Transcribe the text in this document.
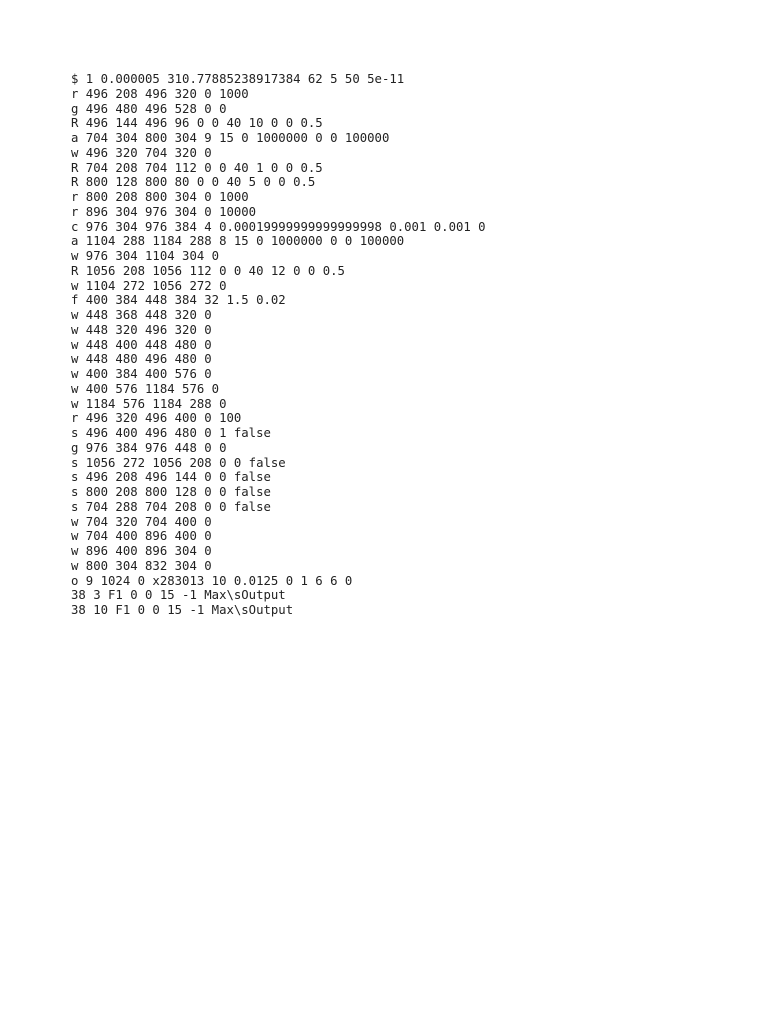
$ 1 0.000005 310.77885238917384 62 5 50 5e-11
r 496 208 496 320 0 1000
g 496 480 496 528 0 0
R 496 144 496 96 0 0 40 10 0 0 0.5
a 704 304 800 304 9 15 0 1000000 0 0 100000
w 496 320 704 320 0
R 704 208 704 112 0 0 40 1 0 0 0.5
R 800 128 800 80 0 0 40 5 0 0 0.5
r 800 208 800 304 0 1000
r 896 304 976 304 0 10000
c 976 304 976 384 4 0.00019999999999999998 0.001 0.001 0
a 1104 288 1184 288 8 15 0 1000000 0 0 100000
w 976 304 1104 304 0
R 1056 208 1056 112 0 0 40 12 0 0 0.5
w 1104 272 1056 272 0
f 400 384 448 384 32 1.5 0.02
w 448 368 448 320 0
w 448 320 496 320 0
w 448 400 448 480 0
w 448 480 496 480 0
w 400 384 400 576 0
w 400 576 1184 576 0
w 1184 576 1184 288 0
r 496 320 496 400 0 100
s 496 400 496 480 0 1 false
g 976 384 976 448 0 0
s 1056 272 1056 208 0 0 false
s 496 208 496 144 0 0 false
s 800 208 800 128 0 0 false
s 704 288 704 208 0 0 false
w 704 320 704 400 0
w 704 400 896 400 0
w 896 400 896 304 0
w 800 304 832 304 0
o 9 1024 0 x283013 10 0.0125 0 1 6 6 0
38 3 F1 0 0 15 -1 Max\sOutput
38 10 F1 0 0 15 -1 Max\sOutput
